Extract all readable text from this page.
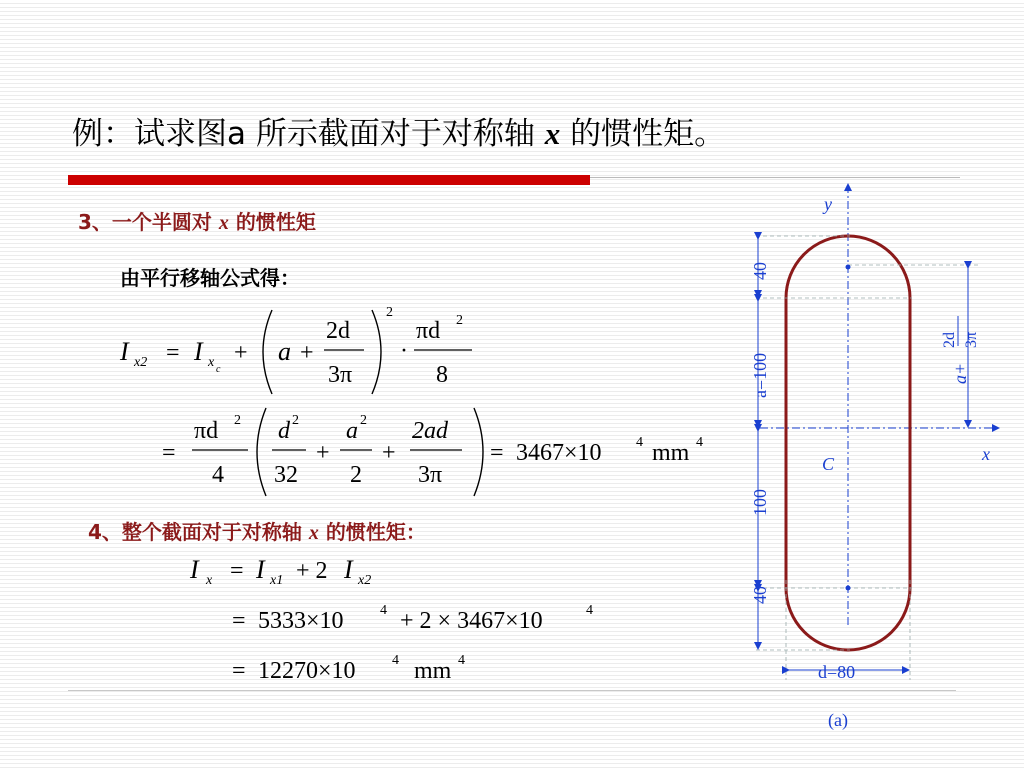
例：试求图a 所示截面对于对称轴 x 的惯性矩。
3、一个半圆对 x 的惯性矩
由平行移轴公式得：
I x2 = I x c
+ a +
2d
3π
2
·
πd 2
8
=
πd 2
4
d 2
32
+
a 2
2
+
2ad
3π
= 3467×10 4 mm 4
4、整个截面对于对称轴 x 的惯性矩：
I x = I x1 + 2 I x2
= 5333×10	4 + 2 × 3467×10	4
= 12270×10	4 mm 4
y
x
C
40
a=100
100
40
a+
2d 3π
d=80
(a)
